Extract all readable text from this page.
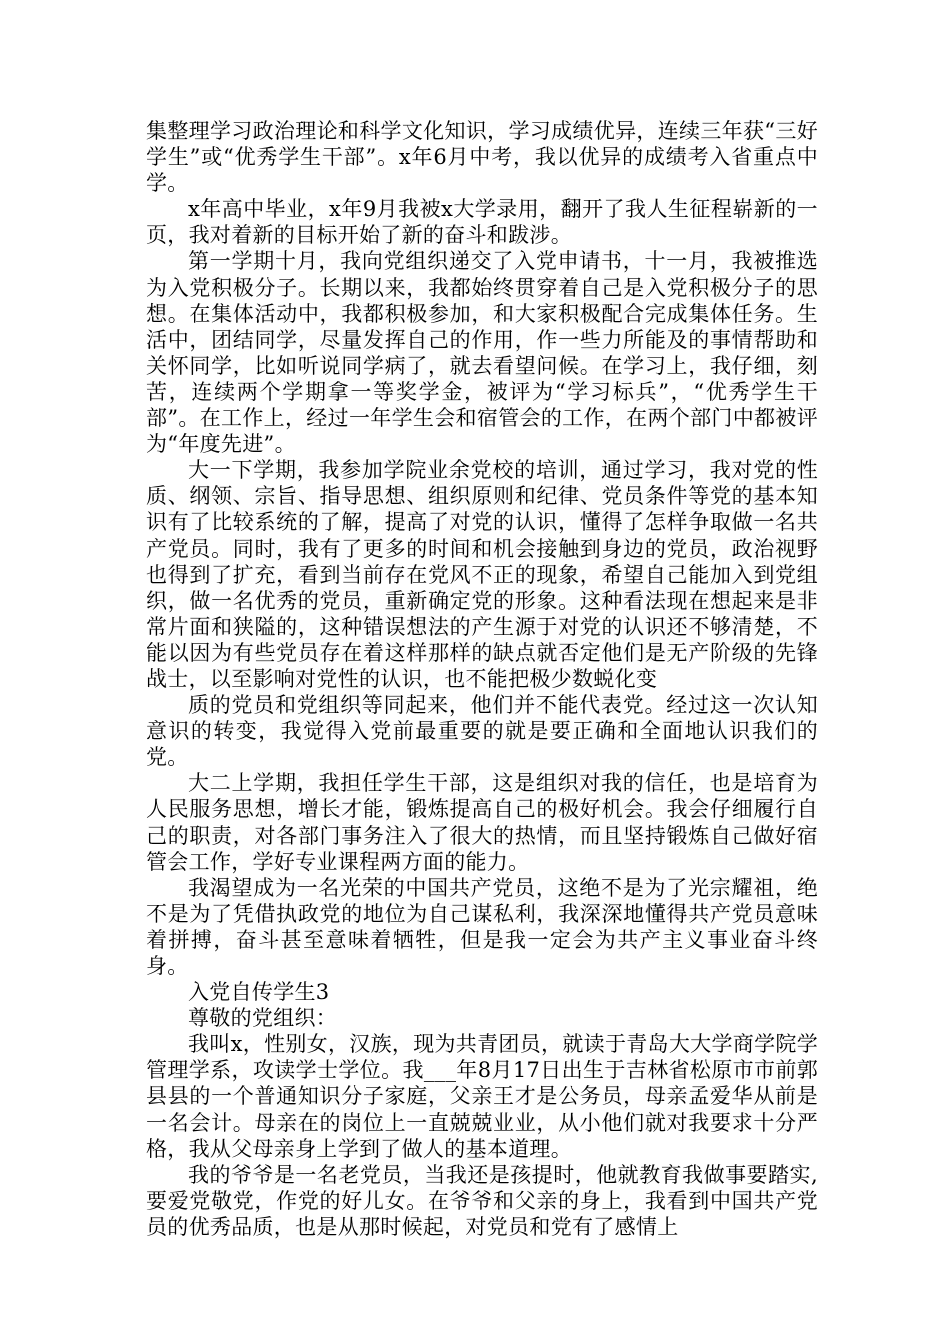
集整理学习政治理论和科学文化知识，学习成绩优异，连续三年获“三好学生”或“优秀学生干部”。x年6月中考，我以优异的成绩考入省重点中学。

x年高中毕业，x年9月我被x大学录用，翻开了我人生征程崭新的一页，我对着新的目标开始了新的奋斗和跋涉。

第一学期十月，我向党组织递交了入党申请书，十一月，我被推选为入党积极分子。长期以来，我都始终贯穿着自己是入党积极分子的思想。在集体活动中，我都积极参加，和大家积极配合完成集体任务。生活中，团结同学，尽量发挥自己的作用，作一些力所能及的事情帮助和关怀同学，比如听说同学病了，就去看望问候。在学习上，我仔细，刻苦，连续两个学期拿一等奖学金，被评为“学习标兵”，“优秀学生干部”。在工作上，经过一年学生会和宿管会的工作，在两个部门中都被评为“年度先进”。

大一下学期，我参加学院业余党校的培训，通过学习，我对党的性质、纲领、宗旨、指导思想、组织原则和纪律、党员条件等党的基本知识有了比较系统的了解，提高了对党的认识，懂得了怎样争取做一名共产党员。同时，我有了更多的时间和机会接触到身边的党员，政治视野也得到了扩充，看到当前存在党风不正的现象，希望自己能加入到党组织，做一名优秀的党员，重新确定党的形象。这种看法现在想起来是非常片面和狭隘的，这种错误想法的产生源于对党的认识还不够清楚，不能以因为有些党员存在着这样那样的缺点就否定他们是无产阶级的先锋战士，以至影响对党性的认识，也不能把极少数蜕化变

质的党员和党组织等同起来，他们并不能代表党。经过这一次认知意识的转变，我觉得入党前最重要的就是要正确和全面地认识我们的党。

大二上学期，我担任学生干部，这是组织对我的信任，也是培育为人民服务思想，增长才能，锻炼提高自己的极好机会。我会仔细履行自己的职责，对各部门事务注入了很大的热情，而且坚持锻炼自己做好宿管会工作，学好专业课程两方面的能力。

我渴望成为一名光荣的中国共产党员，这绝不是为了光宗耀祖，绝不是为了凭借执政党的地位为自己谋私利，我深深地懂得共产党员意味着拼搏，奋斗甚至意味着牺牲，但是我一定会为共产主义事业奋斗终身。

入党自传学生3

尊敬的党组织：

我叫x，性别女，汉族，现为共青团员，就读于青岛大大学商学院学管理学系，攻读学士学位。我___年8月17日出生于吉林省松原市市前郭县县的一个普通知识分子家庭，父亲王才是公务员，母亲孟爱华从前是一名会计。母亲在的岗位上一直兢兢业业，从小他们就对我要求十分严格，我从父母亲身上学到了做人的基本道理。

我的爷爷是一名老党员，当我还是孩提时，他就教育我做事要踏实,要爱党敬党，作党的好儿女。在爷爷和父亲的身上，我看到中国共产党员的优秀品质，也是从那时候起，对党员和党有了感情上
